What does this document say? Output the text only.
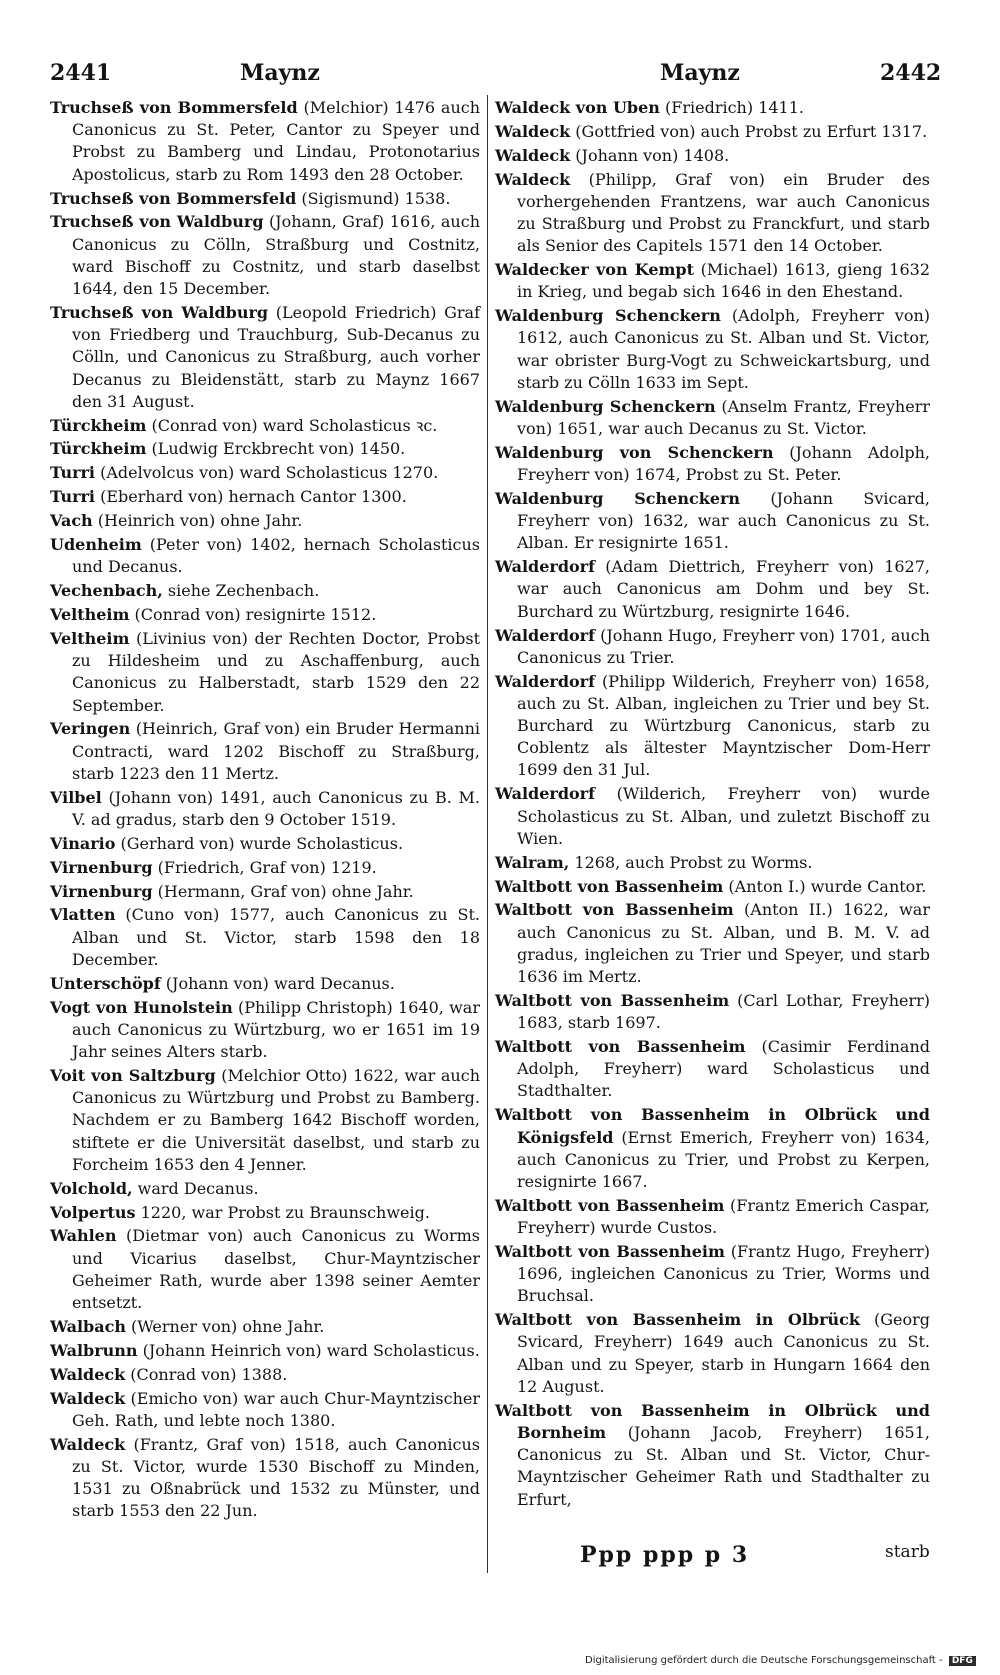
2441	Maynz	Maynz	2442

Truchseß von Bommersfeld (Melchior) 1476 auch Canonicus zu St. Peter, Cantor zu Speyer und Probst zu Bamberg und Lindau, Protonotarius Apostolicus, starb zu Rom 1493 den 28 October.

Truchseß von Bommersfeld (Sigismund) 1538.

Truchseß von Waldburg (Johann, Graf) 1616, auch Canonicus zu Cölln, Straßburg und Costnitz, ward Bischoff zu Costnitz, und starb daselbst 1644, den 15 December.

Truchseß von Waldburg (Leopold Friedrich) Graf von Friedberg und Trauchburg, Sub-Decanus zu Cölln, und Canonicus zu Straßburg, auch vorher Decanus zu Bleidenstätt, starb zu Maynz 1667 den 31 August.

Türckheim (Conrad von) ward Scholasticus ꝛc.

Türckheim (Ludwig Erckbrecht von) 1450.

Turri (Adelvolcus von) ward Scholasticus 1270.

Turri (Eberhard von) hernach Cantor 1300.

Vach (Heinrich von) ohne Jahr.

Udenheim (Peter von) 1402, hernach Scholasticus und Decanus.

Vechenbach, siehe Zechenbach.

Veltheim (Conrad von) resignirte 1512.

Veltheim (Livinius von) der Rechten Doctor, Probst zu Hildesheim und zu Aschaffenburg, auch Canonicus zu Halberstadt, starb 1529 den 22 September.

Veringen (Heinrich, Graf von) ein Bruder Hermanni Contracti, ward 1202 Bischoff zu Straßburg, starb 1223 den 11 Mertz.

Vilbel (Johann von) 1491, auch Canonicus zu B. M. V. ad gradus, starb den 9 October 1519.

Vinario (Gerhard von) wurde Scholasticus.

Virnenburg (Friedrich, Graf von) 1219.

Virnenburg (Hermann, Graf von) ohne Jahr.

Vlatten (Cuno von) 1577, auch Canonicus zu St. Alban und St. Victor, starb 1598 den 18 December.

Unterschöpf (Johann von) ward Decanus.

Vogt von Hunolstein (Philipp Christoph) 1640, war auch Canonicus zu Würtzburg, wo er 1651 im 19 Jahr seines Alters starb.

Voit von Saltzburg (Melchior Otto) 1622, war auch Canonicus zu Würtzburg und Probst zu Bamberg. Nachdem er zu Bamberg 1642 Bischoff worden, stiftete er die Universität daselbst, und starb zu Forcheim 1653 den 4 Jenner.

Volchold, ward Decanus.

Volpertus 1220, war Probst zu Braunschweig.

Wahlen (Dietmar von) auch Canonicus zu Worms und Vicarius daselbst, Chur-Mayntzischer Geheimer Rath, wurde aber 1398 seiner Aemter entsetzt.

Walbach (Werner von) ohne Jahr.

Walbrunn (Johann Heinrich von) ward Scholasticus.

Waldeck (Conrad von) 1388.

Waldeck (Emicho von) war auch Chur-Mayntzischer Geh. Rath, und lebte noch 1380.

Waldeck (Frantz, Graf von) 1518, auch Canonicus zu St. Victor, wurde 1530 Bischoff zu Minden, 1531 zu Oßnabrück und 1532 zu Münster, und starb 1553 den 22 Jun.

Waldeck von Uben (Friedrich) 1411.

Waldeck (Gottfried von) auch Probst zu Erfurt 1317.

Waldeck (Johann von) 1408.

Waldeck (Philipp, Graf von) ein Bruder des vorhergehenden Frantzens, war auch Canonicus zu Straßburg und Probst zu Franckfurt, und starb als Senior des Capitels 1571 den 14 October.

Waldecker von Kempt (Michael) 1613, gieng 1632 in Krieg, und begab sich 1646 in den Ehestand.

Waldenburg Schenckern (Adolph, Freyherr von) 1612, auch Canonicus zu St. Alban und St. Victor, war obrister Burg-Vogt zu Schweickartsburg, und starb zu Cölln 1633 im Sept.

Waldenburg Schenckern (Anselm Frantz, Freyherr von) 1651, war auch Decanus zu St. Victor.

Waldenburg von Schenckern (Johann Adolph, Freyherr von) 1674, Probst zu St. Peter.

Waldenburg Schenckern (Johann Svicard, Freyherr von) 1632, war auch Canonicus zu St. Alban. Er resignirte 1651.

Walderdorf (Adam Diettrich, Freyherr von) 1627, war auch Canonicus am Dohm und bey St. Burchard zu Würtzburg, resignirte 1646.

Walderdorf (Johann Hugo, Freyherr von) 1701, auch Canonicus zu Trier.

Walderdorf (Philipp Wilderich, Freyherr von) 1658, auch zu St. Alban, ingleichen zu Trier und bey St. Burchard zu Würtzburg Canonicus, starb zu Coblentz als ältester Mayntzischer Dom-Herr 1699 den 31 Jul.

Walderdorf (Wilderich, Freyherr von) wurde Scholasticus zu St. Alban, und zuletzt Bischoff zu Wien.

Walram, 1268, auch Probst zu Worms.

Waltbott von Bassenheim (Anton I.) wurde Cantor.

Waltbott von Bassenheim (Anton II.) 1622, war auch Canonicus zu St. Alban, und B. M. V. ad gradus, ingleichen zu Trier und Speyer, und starb 1636 im Mertz.

Waltbott von Bassenheim (Carl Lothar, Freyherr) 1683, starb 1697.

Waltbott von Bassenheim (Casimir Ferdinand Adolph, Freyherr) ward Scholasticus und Stadthalter.

Waltbott von Bassenheim in Olbrück und Königsfeld (Ernst Emerich, Freyherr von) 1634, auch Canonicus zu Trier, und Probst zu Kerpen, resignirte 1667.

Waltbott von Bassenheim (Frantz Emerich Caspar, Freyherr) wurde Custos.

Waltbott von Bassenheim (Frantz Hugo, Freyherr) 1696, ingleichen Canonicus zu Trier, Worms und Bruchsal.

Waltbott von Bassenheim in Olbrück (Georg Svicard, Freyherr) 1649 auch Canonicus zu St. Alban und zu Speyer, starb in Hungarn 1664 den 12 August.

Waltbott von Bassenheim in Olbrück und Bornheim (Johann Jacob, Freyherr) 1651, Canonicus zu St. Alban und St. Victor, Chur-Mayntzischer Geheimer Rath und Stadthalter zu Erfurt,

Ppp ppp p 3	starb
Digitalisierung gefördert durch die Deutsche Forschungsgemeinschaft - DFG
